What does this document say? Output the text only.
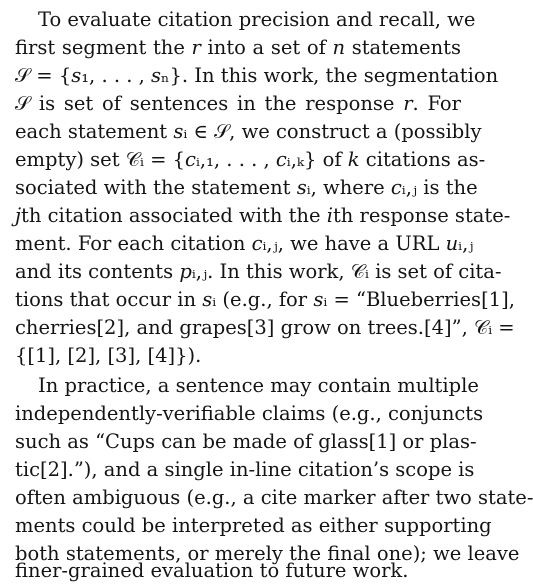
To evaluate citation precision and recall, we
first segment the 𝑟 into a set of 𝑛 statements
𝒮 = {𝑠₁, . . . , 𝑠ₙ}. In this work, the segmentation
𝒮 is set of sentences in the response 𝑟. For
each statement 𝑠ᵢ ∈ 𝒮, we construct a (possibly
empty) set 𝒞ᵢ = {𝑐ᵢ,₁, . . . , 𝑐ᵢ,ₖ} of 𝑘 citations as-
sociated with the statement 𝑠ᵢ, where 𝑐ᵢ,ⱼ is the
𝑗th citation associated with the 𝑖th response state-
ment. For each citation 𝑐ᵢ,ⱼ, we have a URL 𝑢ᵢ,ⱼ
and its contents 𝑝ᵢ,ⱼ. In this work, 𝒞ᵢ is set of cita-
tions that occur in 𝑠ᵢ (e.g., for 𝑠ᵢ = “Blueberries[1],
cherries[2], and grapes[3] grow on trees.[4]”, 𝒞ᵢ =
{[1], [2], [3], [4]}).
In practice, a sentence may contain multiple
independently-verifiable claims (e.g., conjuncts
such as “Cups can be made of glass[1] or plas-
tic[2].”), and a single in-line citation’s scope is
often ambiguous (e.g., a cite marker after two state-
ments could be interpreted as either supporting
both statements, or merely the final one); we leave
finer-grained evaluation to future work.
